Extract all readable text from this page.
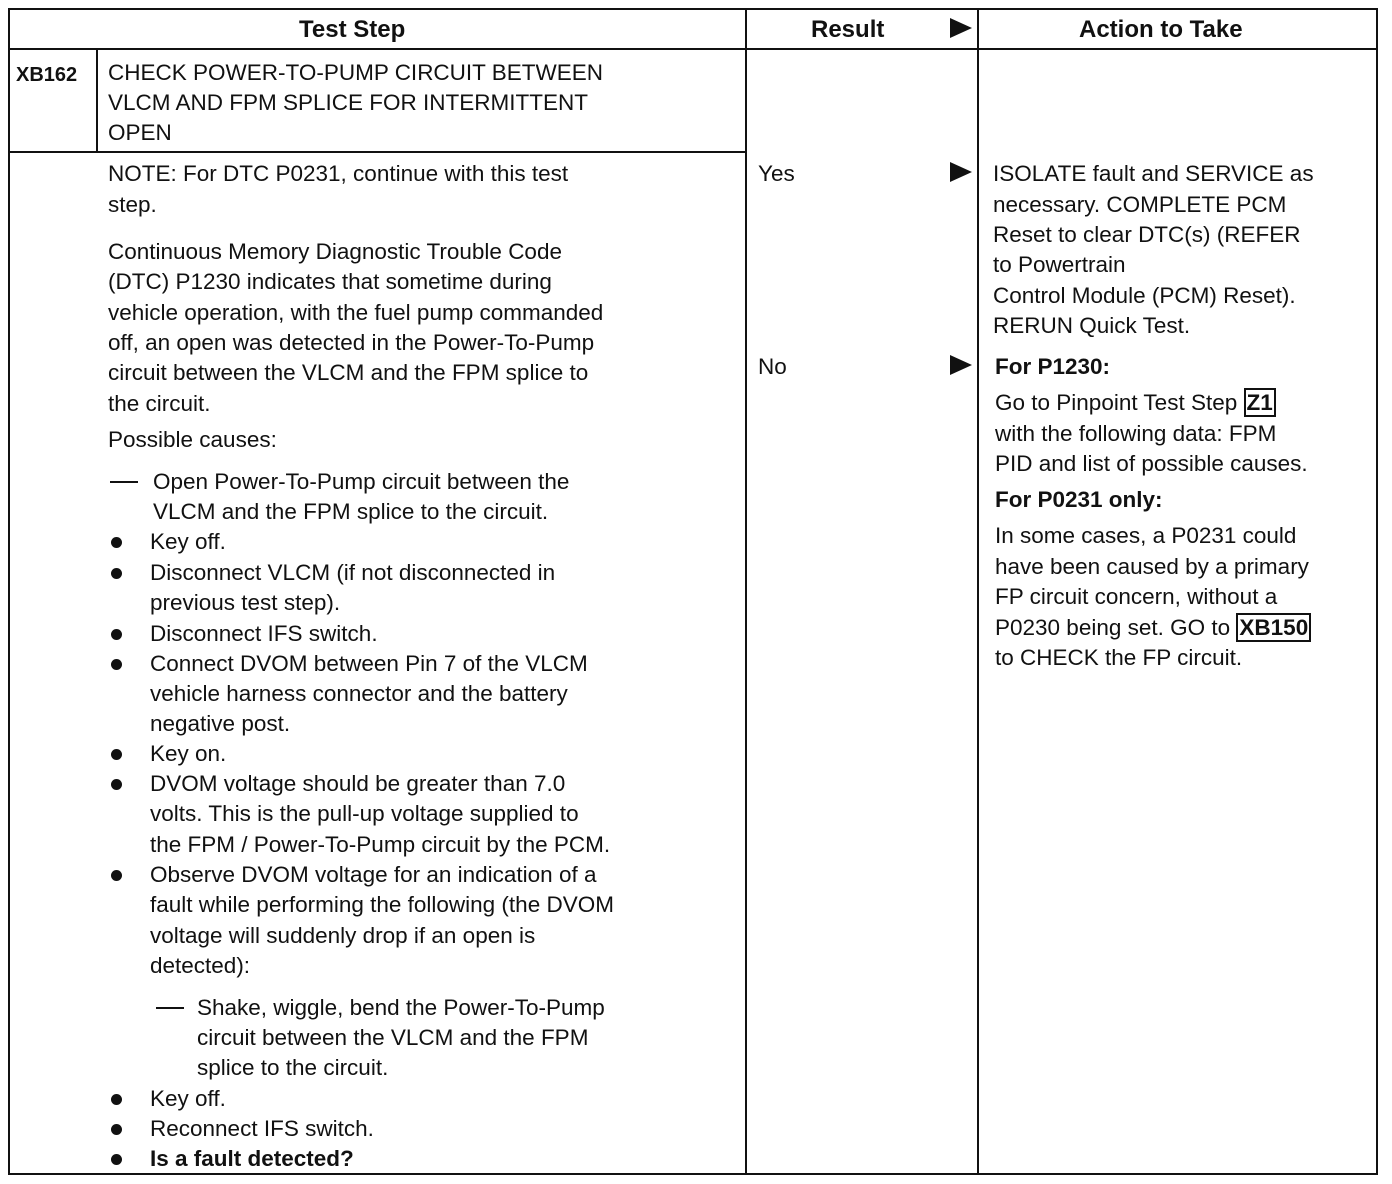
Test Step	Result	Action to Take
XB162 CHECK POWER-TO-PUMP CIRCUIT BETWEEN
VLCM AND FPM SPLICE FOR INTERMITTENT
OPEN
NOTE: For DTC P0231, continue with this test
step.
Continuous Memory Diagnostic Trouble Code
(DTC) P1230 indicates that sometime during
vehicle operation, with the fuel pump commanded
off, an open was detected in the Power-To-Pump
circuit between the VLCM and the FPM splice to
the circuit.
Possible causes:
Open Power-To-Pump circuit between the
VLCM and the FPM splice to the circuit.
Key off.
Disconnect VLCM (if not disconnected in
previous test step).
Disconnect IFS switch.
Connect DVOM between Pin 7 of the VLCM
vehicle harness connector and the battery
negative post.
Key on.
DVOM voltage should be greater than 7.0
volts. This is the pull-up voltage supplied to
the FPM / Power-To-Pump circuit by the PCM.
Observe DVOM voltage for an indication of a
fault while performing the following (the DVOM
voltage will suddenly drop if an open is
detected):
Shake, wiggle, bend the Power-To-Pump
circuit between the VLCM and the FPM
splice to the circuit.
Key off.
Reconnect IFS switch.
Is a fault detected?
Yes
No
ISOLATE fault and SERVICE as
necessary. COMPLETE PCM
Reset to clear DTC(s) (REFER
to Powertrain
Control Module (PCM) Reset).
RERUN Quick Test.
For P1230:
Go to Pinpoint Test Step Z1
with the following data: FPM
PID and list of possible causes.
For P0231 only:
In some cases, a P0231 could
have been caused by a primary
FP circuit concern, without a
P0230 being set. GO to XB150
to CHECK the FP circuit.
